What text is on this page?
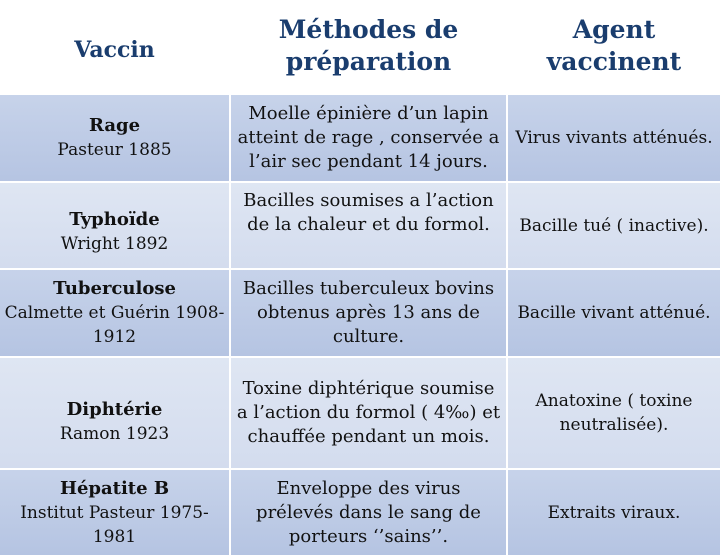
Vaccin	Méthodes de préparation	Agent vaccinent

Rage
Pasteur 1885	Moelle épinière d’un lapin atteint de rage , conservée a l’air sec pendant 14 jours.	Virus vivants atténués.

Typhoïde
Wright 1892	Bacilles soumises a l’action de la chaleur et du formol.	Bacille tué ( inactive).

Tuberculose
Calmette et Guérin 1908-1912	Bacilles tuberculeux bovins obtenus après 13 ans de culture.	Bacille vivant atténué.

Diphtérie
Ramon 1923	Toxine diphtérique soumise a l’action du formol ( 4‰) et chauffée pendant un mois.	Anatoxine ( toxine neutralisée).

Hépatite B
Institut Pasteur 1975-1981	Enveloppe des virus prélevés dans le sang de porteurs ‘’sains’’.	Extraits viraux.
